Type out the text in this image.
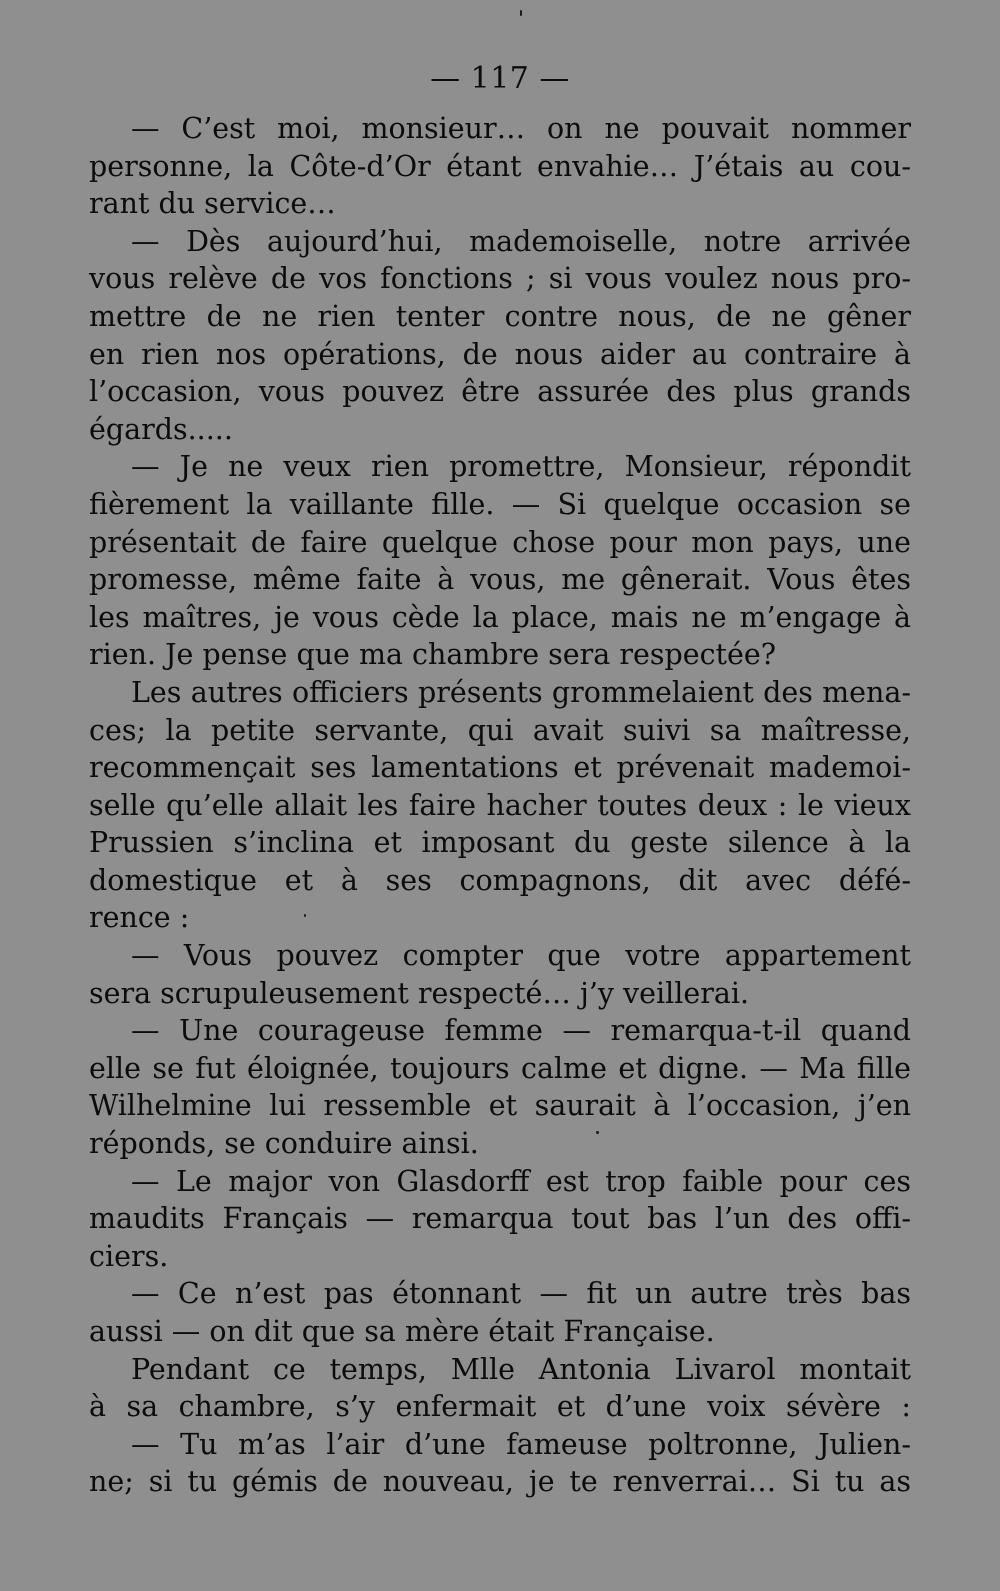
— 117 —
— C’est moi, monsieur… on ne pouvait nommer
personne, la Côte-d’Or étant envahie… J’étais au cou-
rant du service…
— Dès aujourd’hui, mademoiselle, notre arrivée
vous relève de vos fonctions ; si vous voulez nous pro-
mettre de ne rien tenter contre nous, de ne gêner
en rien nos opérations, de nous aider au contraire à
l’occasion, vous pouvez être assurée des plus grands
égards.....
— Je ne veux rien promettre, Monsieur, répondit
fièrement la vaillante fille. — Si quelque occasion se
présentait de faire quelque chose pour mon pays, une
promesse, même faite à vous, me gênerait. Vous êtes
les maîtres, je vous cède la place, mais ne m’engage à
rien. Je pense que ma chambre sera respectée?
Les autres officiers présents grommelaient des mena-
ces; la petite servante, qui avait suivi sa maîtresse,
recommençait ses lamentations et prévenait mademoi-
selle qu’elle allait les faire hacher toutes deux : le vieux
Prussien s’inclina et imposant du geste silence à la
domestique et à ses compagnons, dit avec défé-
rence :
— Vous pouvez compter que votre appartement
sera scrupuleusement respecté… j’y veillerai.
— Une courageuse femme — remarqua-t-il quand
elle se fut éloignée, toujours calme et digne. — Ma fille
Wilhelmine lui ressemble et saurait à l’occasion, j’en
réponds, se conduire ainsi.
— Le major von Glasdorff est trop faible pour ces
maudits Français — remarqua tout bas l’un des offi-
ciers.
— Ce n’est pas étonnant — fit un autre très bas
aussi — on dit que sa mère était Française.
Pendant ce temps, Mlle Antonia Livarol montait
à sa chambre, s’y enfermait et d’une voix sévère :
— Tu m’as l’air d’une fameuse poltronne, Julien-
ne; si tu gémis de nouveau, je te renverrai… Si tu as
